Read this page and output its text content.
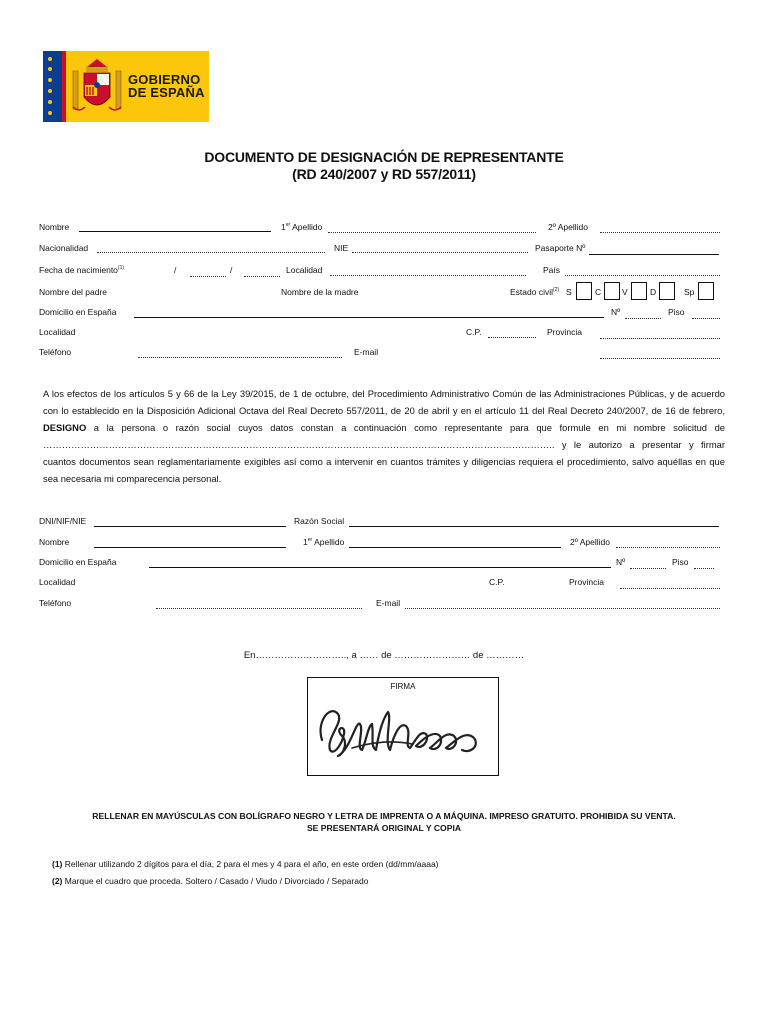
GOBIERNO
DE ESPAÑA
DOCUMENTO DE DESIGNACIÓN DE REPRESENTANTE
(RD 240/2007 y RD 557/2011)
Nombre	1er Apellido	2º Apellido
Nacionalidad	NIE	Pasaporte Nº
Fecha de nacimiento$^{(1)}$	/	/	Localidad	País
Nombre del padre	Nombre de la madre	Estado civil$^{(2)}$ S	C V	D	Sp
Domicilio en España	Nº	Piso
Localidad	C.P.	Provincia
Teléfono	E-mail
A los efectos de los artículos 5 y 66 de la Ley 39/2015, de 1 de octubre, del Procedimiento Administrativo Común de las Administraciones Públicas, y de acuerdo con lo establecido en la Disposición Adicional Octava del Real Decreto 557/2011, de 20 de abril y en el artículo 11 del Real Decreto 240/2007, de 16 de febrero, DESIGNO a la persona o razón social cuyos datos constan a continuación como representante para que formule en mi nombre solicitud de ……………………………………………………………………………………………………………………………………………….. y le autorizo a presentar y firmar cuantos documentos sean reglamentariamente exigibles así como a intervenir en cuantos trámites y diligencias requiera el procedimiento, salvo aquéllas en que sea necesaria mi comparecencia personal.
DNI/NIF/NIE	Razón Social
Nombre	1er Apellido	2º Apellido
Domicilio en España	Nº	Piso
Localidad	C.P.	Provincia
Teléfono	E-mail
En……………………….., a …… de …………………… de …………
FIRMA
RELLENAR EN MAYÚSCULAS CON BOLÍGRAFO NEGRO Y LETRA DE IMPRENTA O A MÁQUINA. IMPRESO GRATUITO. PROHIBIDA SU VENTA.
SE PRESENTARÁ ORIGINAL Y COPIA
(1) Rellenar utilizando 2 dígitos para el día, 2 para el mes y 4 para el año, en este orden (dd/mm/aaaa)
(2) Marque el cuadro que proceda. Soltero / Casado / Viudo / Divorciado / Separado
